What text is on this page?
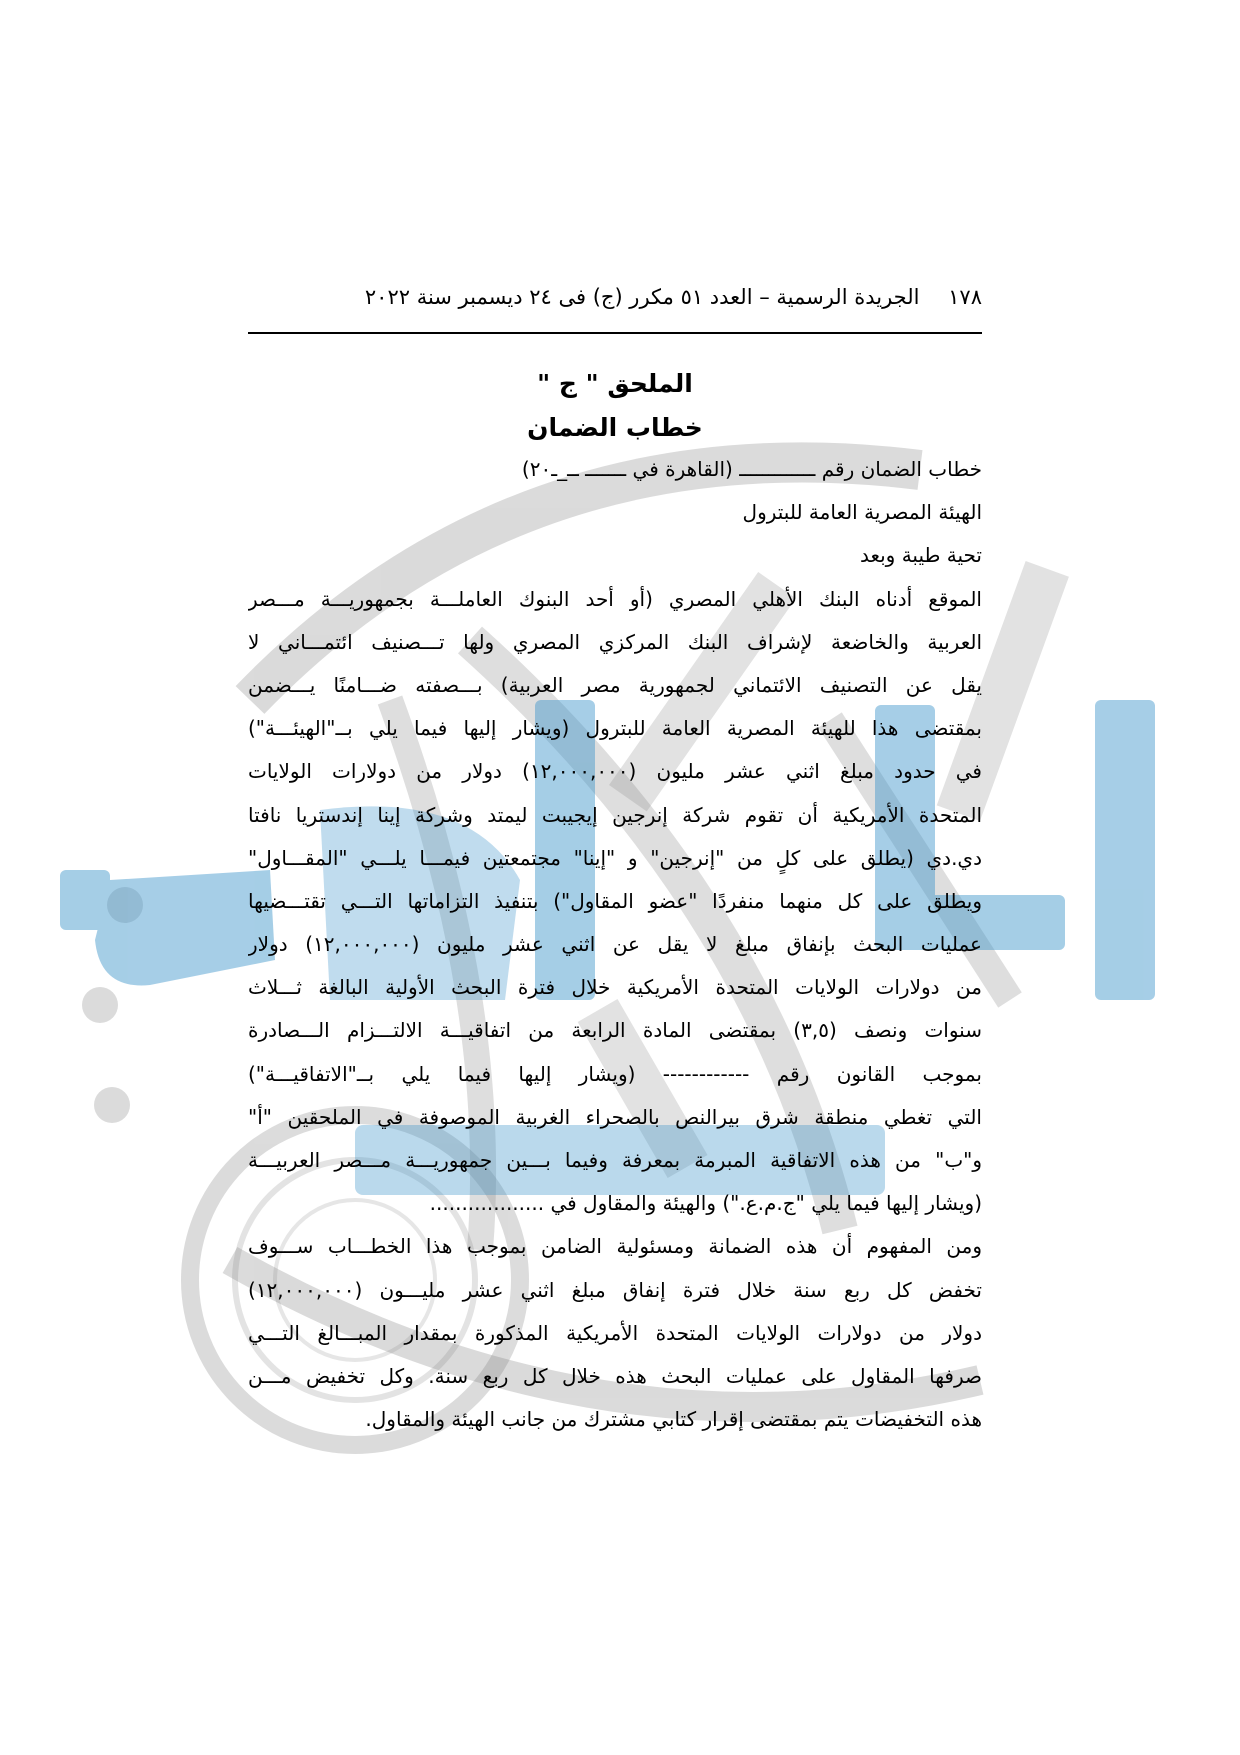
١٧٨ الجريدة الرسمية – العدد ٥١ مكرر (ج) فى ٢٤ ديسمبر سنة ٢٠٢٢
الملحق " ج "
خطاب الضمان
خطاب الضمان رقم ـــــــــــــ (القاهرة في ـــــــ ــ_ـ٢٠)
الهيئة المصرية العامة للبترول
تحية طيبة وبعد
الموقع أدناه البنك الأهلي المصري (أو أحد البنوك العاملـــة بجمهوريـــة مـــصر
العربية والخاضعة لإشراف البنك المركزي المصري ولها تـــصنيف ائتمـــاني لا
يقل عن التصنيف الائتماني لجمهورية مصر العربية) بـــصفته ضـــامنًا يـــضمن
بمقتضى هذا للهيئة المصرية العامة للبترول (ويشار إليها فيما يلي بــ"الهيئـــة")
في حدود مبلغ اثني عشر مليون (١٢,٠٠٠,٠٠٠) دولار من دولارات الولايات
المتحدة الأمريكية أن تقوم شركة إنرجين إيجيبت ليمتد وشركة إينا إندستريا نافتا
دي.دي (يطلق على كلٍ من "إنرجين" و "إينا" مجتمعتين فيمـــا يلـــي "المقـــاول"
ويطلق على كل منهما منفردًا "عضو المقاول") بتنفيذ التزاماتها التـــي تقتـــضيها
عمليات البحث بإنفاق مبلغ لا يقل عن اثني عشر مليون (١٢,٠٠٠,٠٠٠) دولار
من دولارات الولايات المتحدة الأمريكية خلال فترة البحث الأولية البالغة ثـــلاث
سنوات ونصف (٣,٥) بمقتضى المادة الرابعة من اتفاقيـــة الالتـــزام الـــصادرة
بموجب القانون رقم ------------ (ويشار إليها فيما يلي بــ"الاتفاقيـــة")
التي تغطي منطقة شرق بيرالنص بالصحراء الغربية الموصوفة في الملحقين "أ"
و"ب" من هذه الاتفاقية المبرمة بمعرفة وفيما بـــين جمهوريـــة مـــصر العربيـــة
(ويشار إليها فيما يلي "ج.م.ع.") والهيئة والمقاول في ..................
ومن المفهوم أن هذه الضمانة ومسئولية الضامن بموجب هذا الخطـــاب ســـوف
تخفض كل ربع سنة خلال فترة إنفاق مبلغ اثني عشر مليـــون (١٢,٠٠٠,٠٠٠)
دولار من دولارات الولايات المتحدة الأمريكية المذكورة بمقدار المبـــالغ التـــي
صرفها المقاول على عمليات البحث هذه خلال كل ربع سنة. وكل تخفيض مـــن
هذه التخفيضات يتم بمقتضى إقرار كتابي مشترك من جانب الهيئة والمقاول.
